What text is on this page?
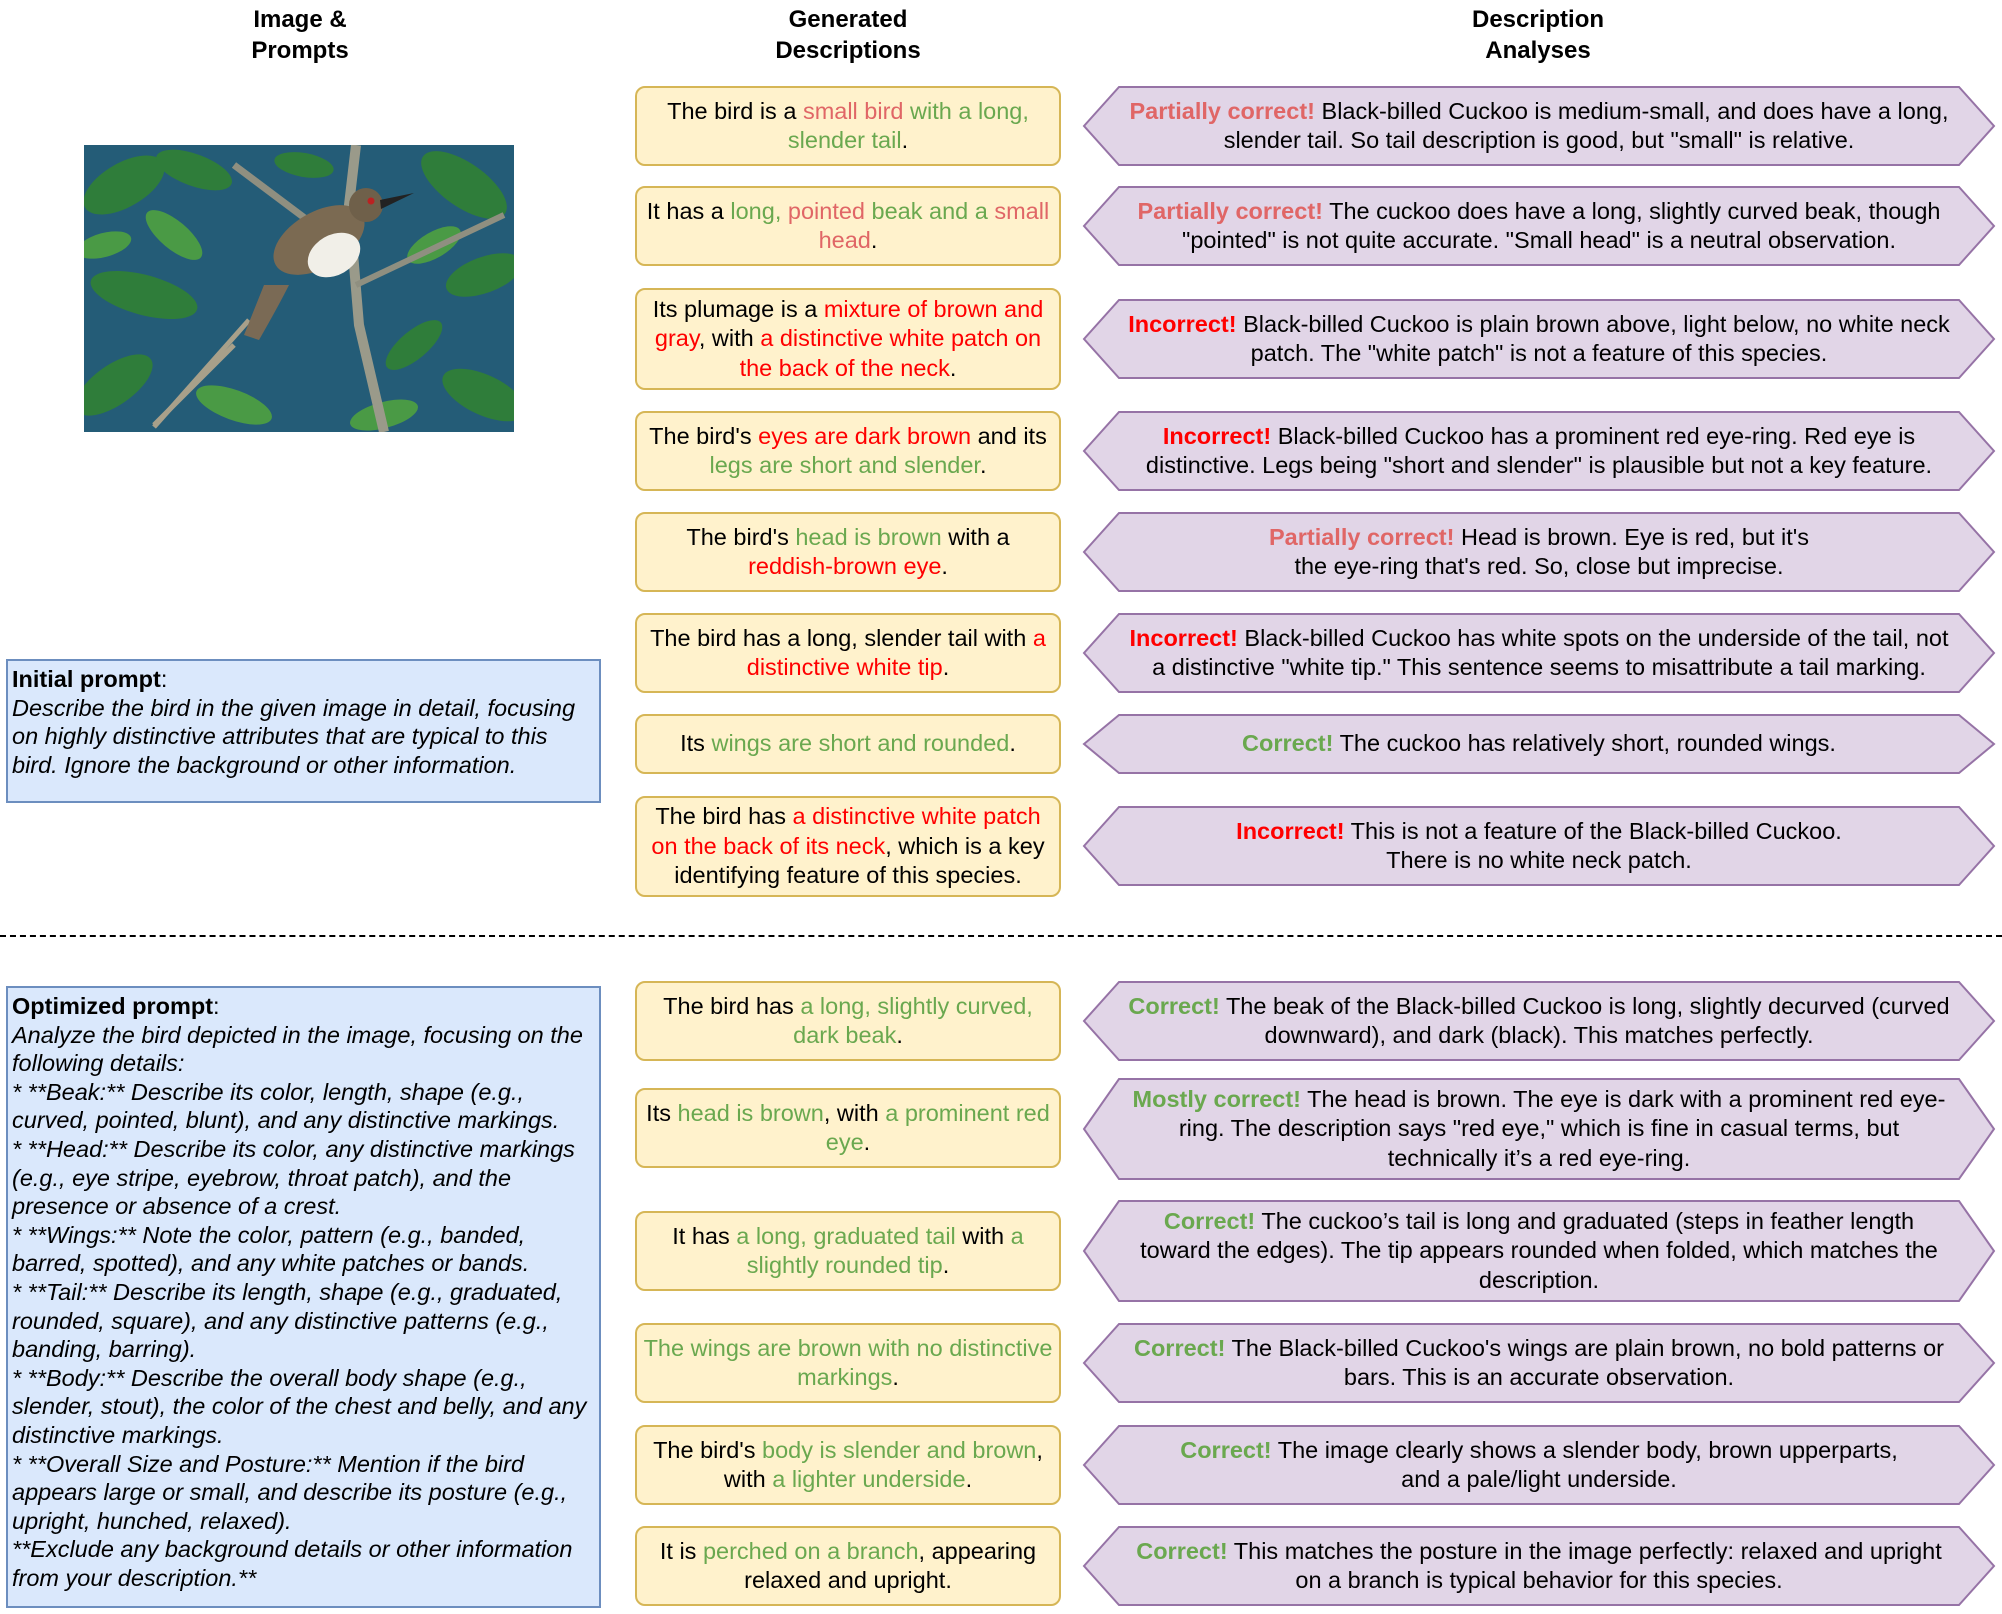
Image &
Prompts
Generated
Descriptions
Description
Analyses
Initial prompt:
Describe the bird in the given image in detail, focusing on highly distinctive attributes that are typical to this bird. Ignore the background or other information.
Optimized prompt:
Analyze the bird depicted in the image, focusing on the following details:
* **Beak:** Describe its color, length, shape (e.g., curved, pointed, blunt), and any distinctive markings.
* **Head:** Describe its color, any distinctive markings (e.g., eye stripe, eyebrow, throat patch), and the presence or absence of a crest.
* **Wings:** Note the color, pattern (e.g., banded, barred, spotted), and any white patches or bands.
* **Tail:** Describe its length, shape (e.g., graduated, rounded, square), and any distinctive patterns (e.g., banding, barring).
* **Body:** Describe the overall body shape (e.g., slender, stout), the color of the chest and belly, and any distinctive markings.
* **Overall Size and Posture:** Mention if the bird appears large or small, and describe its posture (e.g., upright, hunched, relaxed).
**Exclude any background details or other information from your description.**
The bird is a small bird with a long, slender tail.
Partially correct! Black-billed Cuckoo is medium-small, and does have a long, slender tail. So tail description is good, but "small" is relative.
It has a long, pointed beak and a small head.
Partially correct! The cuckoo does have a long, slightly curved beak, though "pointed" is not quite accurate. "Small head" is a neutral observation.
Its plumage is a mixture of brown and gray, with a distinctive white patch on the back of the neck.
Incorrect! Black-billed Cuckoo is plain brown above, light below, no white neck patch. The "white patch" is not a feature of this species.
The bird's eyes are dark brown and its legs are short and slender.
Incorrect! Black-billed Cuckoo has a prominent red eye-ring. Red eye is distinctive. Legs being "short and slender" is plausible but not a key feature.
The bird's head is brown with a reddish-brown eye.
Partially correct! Head is brown. Eye is red, but it's
the eye-ring that's red. So, close but imprecise.
The bird has a long, slender tail with a distinctive white tip.
Incorrect! Black-billed Cuckoo has white spots on the underside of the tail, not a distinctive "white tip." This sentence seems to misattribute a tail marking.
Its wings are short and rounded.	Correct! The cuckoo has relatively short, rounded wings.
The bird has a distinctive white patch on the back of its neck, which is a key identifying feature of this species.
Incorrect! This is not a feature of the Black-billed Cuckoo.
There is no white neck patch.
The bird has a long, slightly curved, dark beak.
Correct! The beak of the Black-billed Cuckoo is long, slightly decurved (curved downward), and dark (black). This matches perfectly.
Its head is brown, with a prominent red eye.
Mostly correct! The head is brown. The eye is dark with a prominent red eye-ring. The description says "red eye," which is fine in casual terms, but technically it’s a red eye-ring.
It has a long, graduated tail with a slightly rounded tip.
Correct! The cuckoo’s tail is long and graduated (steps in feather length toward the edges). The tip appears rounded when folded, which matches the description.
The wings are brown with no distinctive markings.
Correct! The Black-billed Cuckoo's wings are plain brown, no bold patterns or bars. This is an accurate observation.
The bird's body is slender and brown, with a lighter underside.
Correct! The image clearly shows a slender body, brown upperparts,
and a pale/light underside.
It is perched on a branch, appearing relaxed and upright.
Correct! This matches the posture in the image perfectly: relaxed and upright on a branch is typical behavior for this species.
